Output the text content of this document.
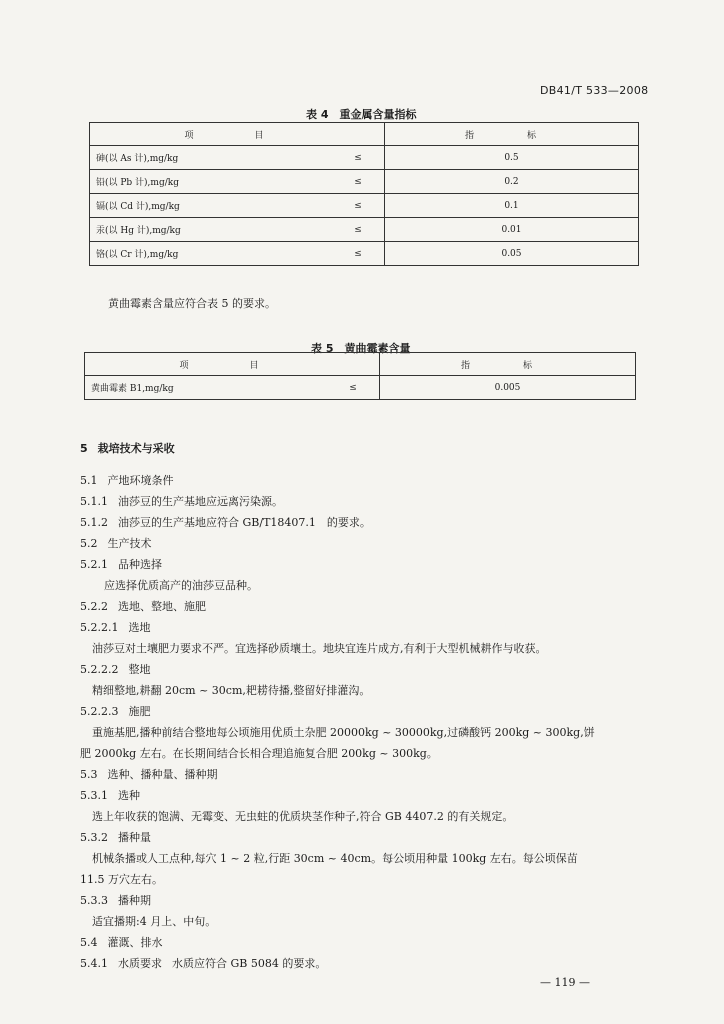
DB41/T 533—2008
表 4　重金属含量指标
项　目		指　标
砷(以 As 计),mg/kg	≤	0.5
铅(以 Pb 计),mg/kg	≤	0.2
镉(以 Cd 计),mg/kg	≤	0.1
汞(以 Hg 计),mg/kg	≤	0.01
铬(以 Cr 计),mg/kg	≤	0.05
黄曲霉素含量应符合表 5 的要求。
表 5　黄曲霉素含量
项　目		指　标
黄曲霉素 B1,mg/kg	≤	0.005
5 栽培技术与采收
5.1 产地环境条件
5.1.1 油莎豆的生产基地应远离污染源。
5.1.2 油莎豆的生产基地应符合 GB/T18407.1　的要求。
5.2 生产技术
5.2.1 品种选择
应选择优质高产的油莎豆品种。
5.2.2 选地、整地、施肥
5.2.2.1 选地
油莎豆对土壤肥力要求不严。宜选择砂质壤土。地块宜连片成方,有利于大型机械耕作与收获。
5.2.2.2 整地
精细整地,耕翻 20cm ~ 30cm,耙耢待播,整留好排灌沟。
5.2.2.3 施肥
重施基肥,播种前结合整地每公顷施用优质土杂肥 20000kg ~ 30000kg,过磷酸钙 200kg ~ 300kg,饼
肥 2000kg 左右。在长期间结合长相合理追施复合肥 200kg ~ 300kg。
5.3 选种、播种量、播种期
5.3.1 选种
选上年收获的饱满、无霉变、无虫蛀的优质块茎作种子,符合 GB 4407.2 的有关规定。
5.3.2 播种量
机械条播或人工点种,每穴 1 ~ 2 粒,行距 30cm ~ 40cm。每公顷用种量 100kg 左右。每公顷保苗
11.5 万穴左右。
5.3.3 播种期
适宜播期:4 月上、中旬。
5.4 灌溉、排水
5.4.1 水质要求 水质应符合 GB 5084 的要求。
— 119 —
